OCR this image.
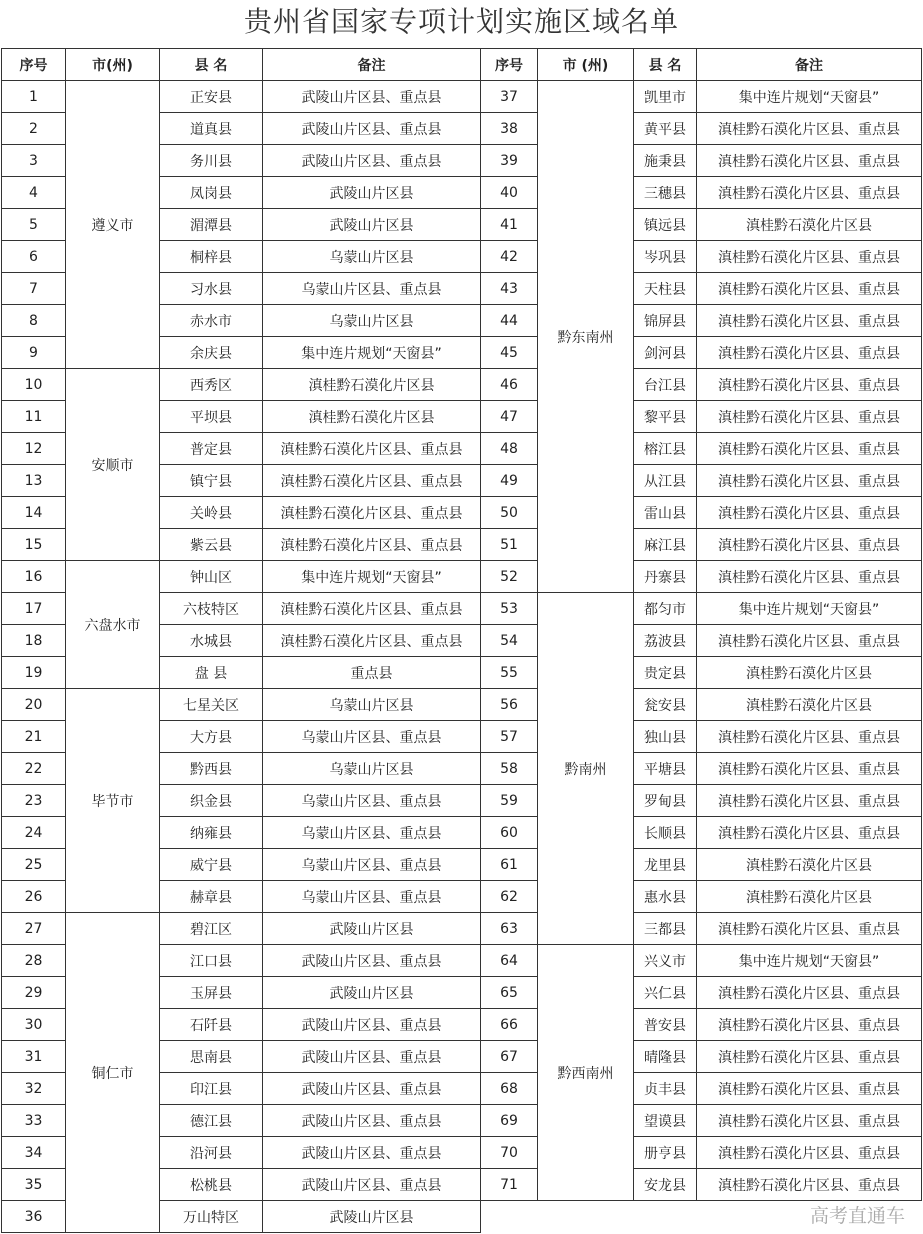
贵州省国家专项计划实施区域名单
序号	市(州)	县 名	备注
1	遵义市	正安县	武陵山片区县、重点县
2		道真县	武陵山片区县、重点县
3		务川县	武陵山片区县、重点县
4		凤岗县	武陵山片区县
5		湄潭县	武陵山片区县
6		桐梓县	乌蒙山片区县
7		习水县	乌蒙山片区县、重点县
8		赤水市	乌蒙山片区县
9		余庆县	集中连片规划“天窗县”
10	安顺市	西秀区	滇桂黔石漠化片区县
11		平坝县	滇桂黔石漠化片区县
12		普定县	滇桂黔石漠化片区县、重点县
13		镇宁县	滇桂黔石漠化片区县、重点县
14		关岭县	滇桂黔石漠化片区县、重点县
15		紫云县	滇桂黔石漠化片区县、重点县
16	六盘水市	钟山区	集中连片规划“天窗县”
17		六枝特区	滇桂黔石漠化片区县、重点县
18		水城县	滇桂黔石漠化片区县、重点县
19		盘 县	重点县
20	毕节市	七星关区	乌蒙山片区县
21		大方县	乌蒙山片区县、重点县
22		黔西县	乌蒙山片区县
23		织金县	乌蒙山片区县、重点县
24		纳雍县	乌蒙山片区县、重点县
25		威宁县	乌蒙山片区县、重点县
26		赫章县	乌蒙山片区县、重点县
27	铜仁市	碧江区	武陵山片区县
28		江口县	武陵山片区县、重点县
29		玉屏县	武陵山片区县
30		石阡县	武陵山片区县、重点县
31		思南县	武陵山片区县、重点县
32		印江县	武陵山片区县、重点县
33		德江县	武陵山片区县、重点县
34		沿河县	武陵山片区县、重点县
35		松桃县	武陵山片区县、重点县
36		万山特区	武陵山片区县
序号	市 (州)	县 名	备注
37	黔东南州	凯里市	集中连片规划“天窗县”
38		黄平县	滇桂黔石漠化片区县、重点县
39		施秉县	滇桂黔石漠化片区县、重点县
40		三穗县	滇桂黔石漠化片区县、重点县
41		镇远县	滇桂黔石漠化片区县
42		岑巩县	滇桂黔石漠化片区县、重点县
43		天柱县	滇桂黔石漠化片区县、重点县
44		锦屏县	滇桂黔石漠化片区县、重点县
45		剑河县	滇桂黔石漠化片区县、重点县
46		台江县	滇桂黔石漠化片区县、重点县
47		黎平县	滇桂黔石漠化片区县、重点县
48		榕江县	滇桂黔石漠化片区县、重点县
49		从江县	滇桂黔石漠化片区县、重点县
50		雷山县	滇桂黔石漠化片区县、重点县
51		麻江县	滇桂黔石漠化片区县、重点县
52		丹寨县	滇桂黔石漠化片区县、重点县
53	黔南州	都匀市	集中连片规划“天窗县”
54		荔波县	滇桂黔石漠化片区县、重点县
55		贵定县	滇桂黔石漠化片区县
56		瓮安县	滇桂黔石漠化片区县
57		独山县	滇桂黔石漠化片区县、重点县
58		平塘县	滇桂黔石漠化片区县、重点县
59		罗甸县	滇桂黔石漠化片区县、重点县
60		长顺县	滇桂黔石漠化片区县、重点县
61		龙里县	滇桂黔石漠化片区县
62		惠水县	滇桂黔石漠化片区县
63		三都县	滇桂黔石漠化片区县、重点县
64	黔西南州	兴义市	集中连片规划“天窗县”
65		兴仁县	滇桂黔石漠化片区县、重点县
66		普安县	滇桂黔石漠化片区县、重点县
67		晴隆县	滇桂黔石漠化片区县、重点县
68		贞丰县	滇桂黔石漠化片区县、重点县
69		望谟县	滇桂黔石漠化片区县、重点县
70		册亨县	滇桂黔石漠化片区县、重点县
71		安龙县	滇桂黔石漠化片区县、重点县
高考直通车
